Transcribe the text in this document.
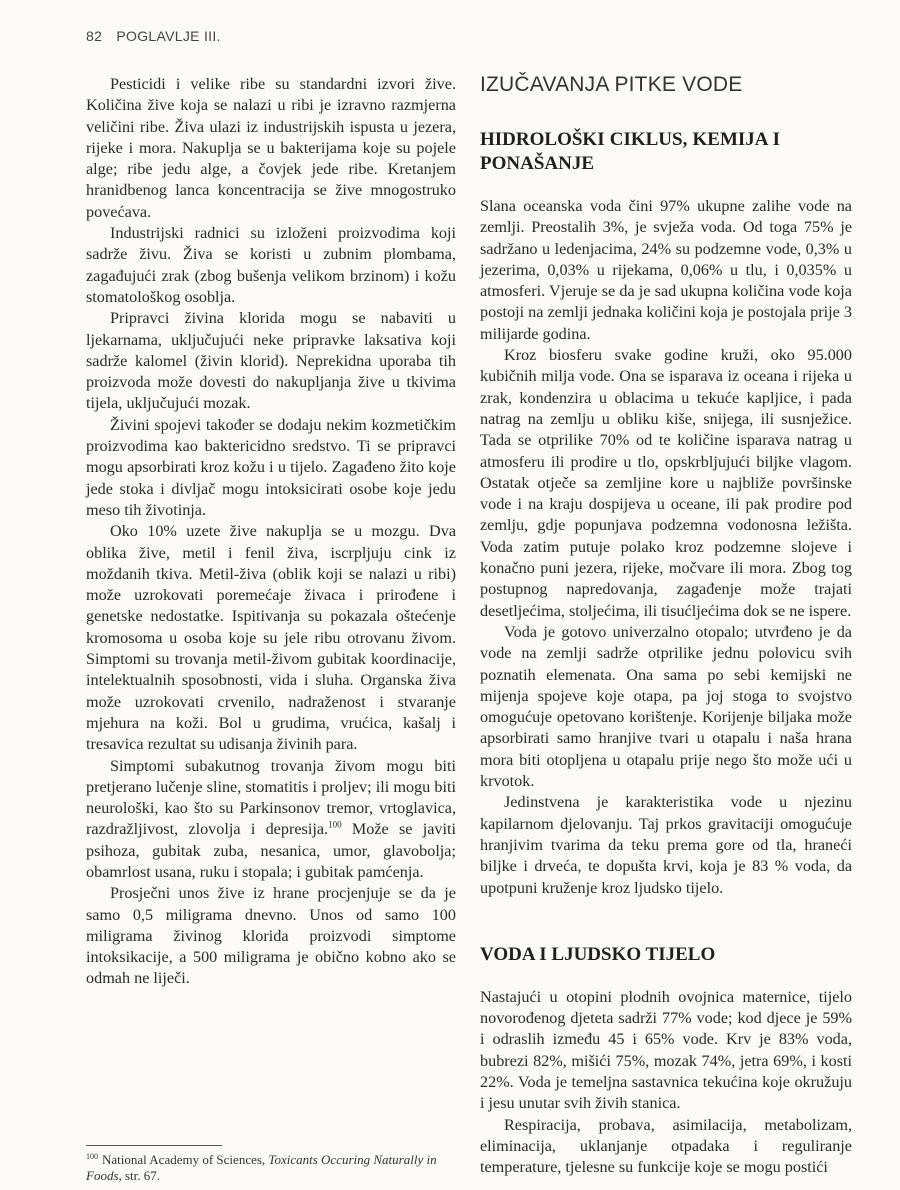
82 POGLAVLJE III.

Pesticidi i velike ribe su standardni izvori žive. Količina žive koja se nalazi u ribi je izravno razmjerna veličini ribe. Živa ulazi iz industrijskih ispusta u jezera, rijeke i mora. Nakuplja se u bakterijama koje su pojele alge; ribe jedu alge, a čovjek jede ribe. Kretanjem hranidbenog lanca koncentracija se žive mnogostruko povećava.

Industrijski radnici su izloženi proizvodima koji sadrže živu. Živa se koristi u zubnim plombama, zagađujući zrak (zbog bušenja velikom brzinom) i kožu stomatološkog osoblja.

Pripravci živina klorida mogu se nabaviti u ljekarnama, uključujući neke pripravke laksativa koji sadrže kalomel (živin klorid). Neprekidna uporaba tih proizvoda može dovesti do nakupljanja žive u tkivima tijela, uključujući mozak.

Živini spojevi također se dodaju nekim kozmetičkim proizvodima kao baktericidno sredstvo. Ti se pripravci mogu apsorbirati kroz kožu i u tijelo. Zagađeno žito koje jede stoka i divljač mogu intoksicirati osobe koje jedu meso tih životinja.

Oko 10% uzete žive nakuplja se u mozgu. Dva oblika žive, metil i fenil živa, iscrpljuju cink iz moždanih tkiva. Metil-živa (oblik koji se nalazi u ribi) može uzrokovati poremećaje živaca i prirođene i genetske nedostatke. Ispitivanja su pokazala oštećenje kromosoma u osoba koje su jele ribu otrovanu živom. Simptomi su trovanja metil-živom gubitak koordinacije, intelektualnih sposobnosti, vida i sluha. Organska živa može uzrokovati crvenilo, nadraženost i stvaranje mjehura na koži. Bol u grudima, vrućica, kašalj i tresavica rezultat su udisanja živinih para.

Simptomi subakutnog trovanja živom mogu biti pretjerano lučenje sline, stomatitis i proljev; ili mogu biti neurološki, kao što su Parkinsonov tremor, vrtoglavica, razdražljivost, zlovolja i depresija.$^{100}$ Može se javiti psihoza, gubitak zuba, nesanica, umor, glavobolja; obamrlost usana, ruku i stopala; i gubitak pamćenja.

Prosječni unos žive iz hrane procjenjuje se da je samo 0,5 miligrama dnevno. Unos od samo 100 miligrama živinog klorida proizvodi simptome intoksikacije, a 500 miligrama je obično kobno ako se odmah ne liječi.

$^{100}$ National Academy of Sciences, Toxicants Occuring Naturally in Foods, str. 67.
IZUČAVANJA PITKE VODE
HIDROLOŠKI CIKLUS, KEMIJA I PONAŠANJE

Slana oceanska voda čini 97% ukupne zalihe vode na zemlji. Preostalih 3%, je svježa voda. Od toga 75% je sadržano u ledenjacima, 24% su podzemne vode, 0,3% u jezerima, 0,03% u rijekama, 0,06% u tlu, i 0,035% u atmosferi. Vjeruje se da je sad ukupna količina vode koja postoji na zemlji jednaka količini koja je postojala prije 3 milijarde godina.

Kroz biosferu svake godine kruži, oko 95.000 kubičnih milja vode. Ona se isparava iz oceana i rijeka u zrak, kondenzira u oblacima u tekuće kapljice, i pada natrag na zemlju u obliku kiše, snijega, ili susnježice. Tada se otprilike 70% od te količine isparava natrag u atmosferu ili prodire u tlo, opskrbljujući biljke vlagom. Ostatak otječe sa zemljine kore u najbliže površinske vode i na kraju dospijeva u oceane, ili pak prodire pod zemlju, gdje popunjava podzemna vodonosna ležišta. Voda zatim putuje polako kroz podzemne slojeve i konačno puni jezera, rijeke, močvare ili mora. Zbog tog postupnog napredovanja, zagađenje može trajati desetljećima, stoljećima, ili tisućljećima dok se ne ispere.

Voda je gotovo univerzalno otopalo; utvrđeno je da vode na zemlji sadrže otprilike jednu polovicu svih poznatih elemenata. Ona sama po sebi kemijski ne mijenja spojeve koje otapa, pa joj stoga to svojstvo omogućuje opetovano korištenje. Korijenje biljaka može apsorbirati samo hranjive tvari u otapalu i naša hrana mora biti otopljena u otapalu prije nego što može ući u krvotok.

Jedinstvena je karakteristika vode u njezinu kapilarnom djelovanju. Taj prkos gravitaciji omogućuje hranjivim tvarima da teku prema gore od tla, hraneći biljke i drveća, te dopušta krvi, koja je 83 % voda, da upotpuni kruženje kroz ljudsko tijelo.

VODA I LJUDSKO TIJELO

Nastajući u otopini plodnih ovojnica maternice, tijelo novorođenog djeteta sadrži 77% vode; kod djece je 59% i odraslih između 45 i 65% vode. Krv je 83% voda, bubrezi 82%, mišići 75%, mozak 74%, jetra 69%, i kosti 22%. Voda je temeljna sastavnica tekućina koje okružuju i jesu unutar svih živih stanica.

Respiracija, probava, asimilacija, metabolizam, eliminacija, uklanjanje otpadaka i reguliranje temperature, tjelesne su funkcije koje se mogu postići
